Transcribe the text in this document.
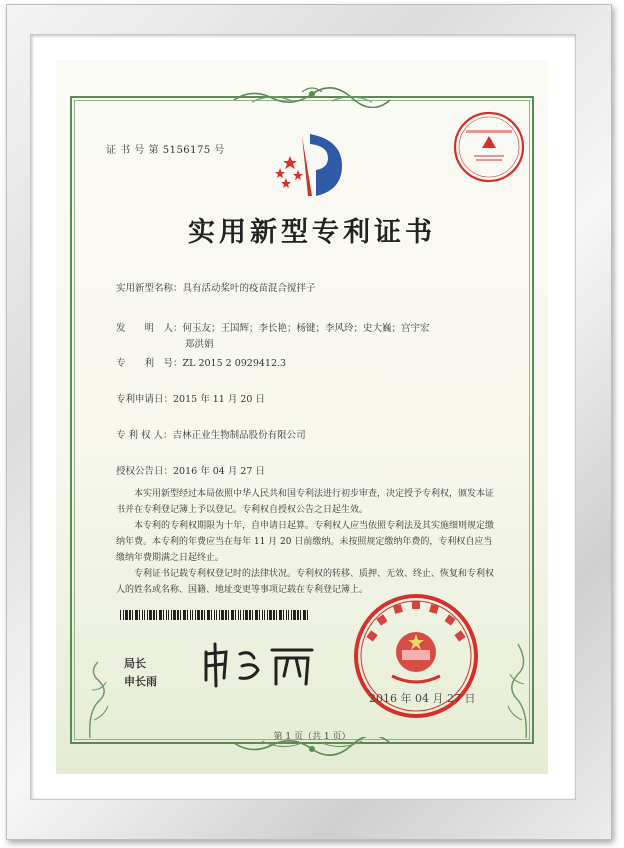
证 书 号 第 5156175 号
实用新型专利证书
实用新型名称：具有活动桨叶的疫苗混合搅拌子
发　　明　人：何玉友；王国辉；李长艳；杨键；李风玲；史大巍；宫宇宏
郑洪娟
专　　利　号：ZL 2015 2 0929412.3
专利申请日：2015 年 11 月 20 日
专 利 权 人：吉林正业生物制品股份有限公司
授权公告日：2016 年 04 月 27 日

本实用新型经过本局依照中华人民共和国专利法进行初步审查，决定授予专利权，颁发本证书并在专利登记簿上予以登记。专利权自授权公告之日起生效。

本专利的专利权期限为十年，自申请日起算。专利权人应当依照专利法及其实施细则规定缴纳年费。本专利的年费应当在每年 11 月 20 日前缴纳。未按照规定缴纳年费的，专利权自应当缴纳年费期满之日起终止。

专利证书记载专利权登记时的法律状况。专利权的转移、质押、无效、终止、恢复和专利权人的姓名或名称、国籍、地址变更等事项记载在专利登记簿上。

局长
申长雨
2016 年 04 月 27 日
第 1 页（共 1 页）
